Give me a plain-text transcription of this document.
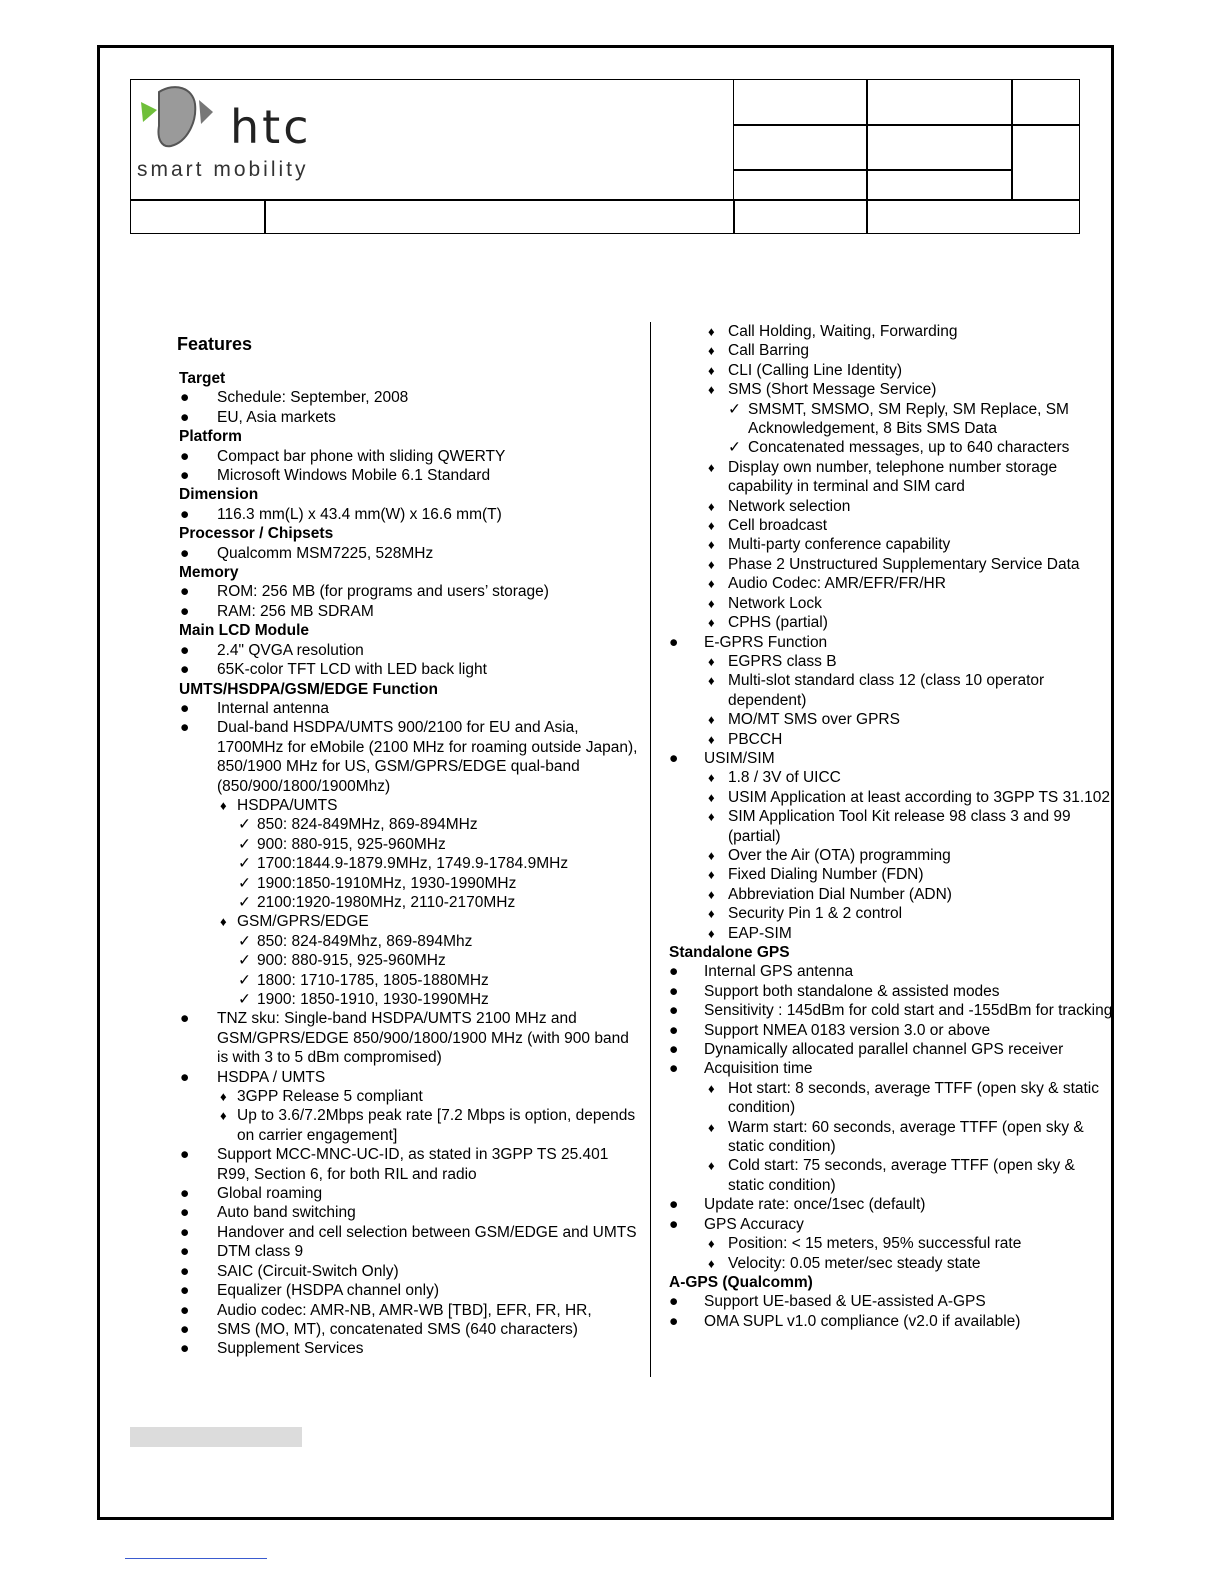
htc
smart mobility
Features
Target
● Schedule: September, 2008
● EU, Asia markets
Platform
● Compact bar phone with sliding QWERTY
● Microsoft Windows Mobile 6.1 Standard
Dimension
● 116.3 mm(L) x 43.4 mm(W) x 16.6 mm(T)
Processor / Chipsets
● Qualcomm MSM7225, 528MHz
Memory
● ROM: 256 MB (for programs and users’ storage)
● RAM: 256 MB SDRAM
Main LCD Module
● 2.4" QVGA resolution
● 65K-color TFT LCD with LED back light
UMTS/HSDPA/GSM/EDGE Function
● Internal antenna
● Dual-band HSDPA/UMTS 900/2100 for EU and Asia, 1700MHz for eMobile (2100 MHz for roaming outside Japan), 850/1900 MHz for US, GSM/GPRS/EDGE qual-band (850/900/1800/1900Mhz)
♦ HSDPA/UMTS
✓ 850: 824-849MHz, 869-894MHz
✓ 900: 880-915, 925-960MHz
✓ 1700:1844.9-1879.9MHz, 1749.9-1784.9MHz
✓ 1900:1850-1910MHz, 1930-1990MHz
✓ 2100:1920-1980MHz, 2110-2170MHz
♦ GSM/GPRS/EDGE
✓ 850: 824-849Mhz, 869-894Mhz
✓ 900: 880-915, 925-960MHz
✓ 1800: 1710-1785, 1805-1880MHz
✓ 1900: 1850-1910, 1930-1990MHz
● TNZ sku: Single-band HSDPA/UMTS 2100 MHz and GSM/GPRS/EDGE 850/900/1800/1900 MHz (with 900 band is with 3 to 5 dBm compromised)
● HSDPA / UMTS
♦ 3GPP Release 5 compliant
♦ Up to 3.6/7.2Mbps peak rate [7.2 Mbps is option, depends on carrier engagement]
● Support MCC-MNC-UC-ID, as stated in 3GPP TS 25.401 R99, Section 6, for both RIL and radio
● Global roaming
● Auto band switching
● Handover and cell selection between GSM/EDGE and UMTS
● DTM class 9
● SAIC (Circuit-Switch Only)
● Equalizer (HSDPA channel only)
● Audio codec: AMR-NB, AMR-WB [TBD], EFR, FR, HR,
● SMS (MO, MT), concatenated SMS (640 characters)
● Supplement Services
♦ Call Holding, Waiting, Forwarding
♦ Call Barring
♦ CLI (Calling Line Identity)
♦ SMS (Short Message Service)
✓ SMSMT, SMSMO, SM Reply, SM Replace, SM Acknowledgement, 8 Bits SMS Data
✓ Concatenated messages, up to 640 characters
♦ Display own number, telephone number storage capability in terminal and SIM card
♦ Network selection
♦ Cell broadcast
♦ Multi-party conference capability
♦ Phase 2 Unstructured Supplementary Service Data
♦ Audio Codec: AMR/EFR/FR/HR
♦ Network Lock
♦ CPHS (partial)
● E-GPRS Function
♦ EGPRS class B
♦ Multi-slot standard class 12 (class 10 operator dependent)
♦ MO/MT SMS over GPRS
♦ PBCCH
● USIM/SIM
♦ 1.8 / 3V of UICC
♦ USIM Application at least according to 3GPP TS 31.102
♦ SIM Application Tool Kit release 98 class 3 and 99 (partial)
♦ Over the Air (OTA) programming
♦ Fixed Dialing Number (FDN)
♦ Abbreviation Dial Number (ADN)
♦ Security Pin 1 & 2 control
♦ EAP-SIM
Standalone GPS
● Internal GPS antenna
● Support both standalone & assisted modes
● Sensitivity : 145dBm for cold start and -155dBm for tracking
● Support NMEA 0183 version 3.0 or above
● Dynamically allocated parallel channel GPS receiver
● Acquisition time
♦ Hot start: 8 seconds, average TTFF (open sky & static condition)
♦ Warm start: 60 seconds, average TTFF (open sky & static condition)
♦ Cold start: 75 seconds, average TTFF (open sky & static condition)
● Update rate: once/1sec (default)
● GPS Accuracy
♦ Position: < 15 meters, 95% successful rate
♦ Velocity: 0.05 meter/sec steady state
A-GPS (Qualcomm)
● Support UE-based & UE-assisted A-GPS
● OMA SUPL v1.0 compliance (v2.0 if available)
